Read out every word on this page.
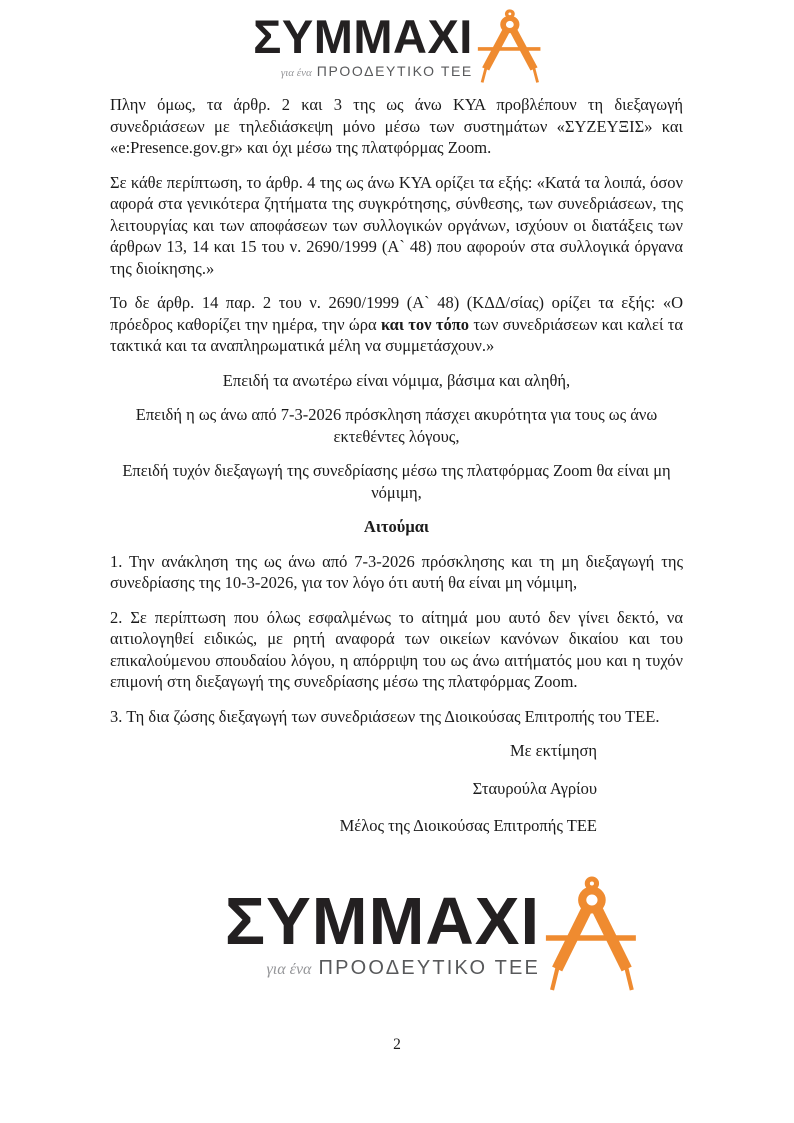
ΣΥΜΜΑΧΙ
για ένα ΠΡΟΟΔΕΥΤΙΚΟ ΤΕΕ

Πλην όμως, τα άρθρ. 2 και 3 της ως άνω ΚΥΑ προβλέπουν τη διεξαγωγή συνεδριάσεων με τηλεδιάσκεψη μόνο μέσω των συστημάτων «ΣΥΖΕΥΞΙΣ» και «e:Presence.gov.gr» και όχι μέσω της πλατφόρμας Zoom.

Σε κάθε περίπτωση, το άρθρ. 4 της ως άνω ΚΥΑ ορίζει τα εξής: «Κατά τα λοιπά, όσον αφορά στα γενικότερα ζητήματα της συγκρότησης, σύνθεσης, των συνεδριάσεων, της λειτουργίας και των αποφάσεων των συλλογικών οργάνων, ισχύουν οι διατάξεις των άρθρων 13, 14 και 15 του ν. 2690/1999 (Α` 48) που αφορούν στα συλλογικά όργανα της διοίκησης.»

Το δε άρθρ. 14 παρ. 2 του ν. 2690/1999 (Α` 48) (ΚΔΔ/σίας) ορίζει τα εξής: «Ο πρόεδρος καθορίζει την ημέρα, την ώρα και τον τόπο των συνεδριάσεων και καλεί τα τακτικά και τα αναπληρωματικά μέλη να συμμετάσχουν.»

Επειδή τα ανωτέρω είναι νόμιμα, βάσιμα και αληθή,

Επειδή η ως άνω από 7-3-2026 πρόσκληση πάσχει ακυρότητα για τους ως άνω εκτεθέντες λόγους,

Επειδή τυχόν διεξαγωγή της συνεδρίασης μέσω της πλατφόρμας Zoom θα είναι μη νόμιμη,

Αιτούμαι

1. Την ανάκληση της ως άνω από 7-3-2026 πρόσκλησης και τη μη διεξαγωγή της συνεδρίασης της 10-3-2026, για τον λόγο ότι αυτή θα είναι μη νόμιμη,

2. Σε περίπτωση που όλως εσφαλμένως το αίτημά μου αυτό δεν γίνει δεκτό, να αιτιολογηθεί ειδικώς, με ρητή αναφορά των οικείων κανόνων δικαίου και του επικαλούμενου σπουδαίου λόγου, η απόρριψη του ως άνω αιτήματός μου και η τυχόν επιμονή στη διεξαγωγή της συνεδρίασης μέσω της πλατφόρμας Zoom.

3. Τη δια ζώσης διεξαγωγή των συνεδριάσεων της Διοικούσας Επιτροπής του ΤΕΕ.

Με εκτίμηση

Σταυρούλα Αγρίου

Μέλος της Διοικούσας Επιτροπής ΤΕΕ

ΣΥΜΜΑΧΙ
για ένα ΠΡΟΟΔΕΥΤΙΚΟ ΤΕΕ
2
